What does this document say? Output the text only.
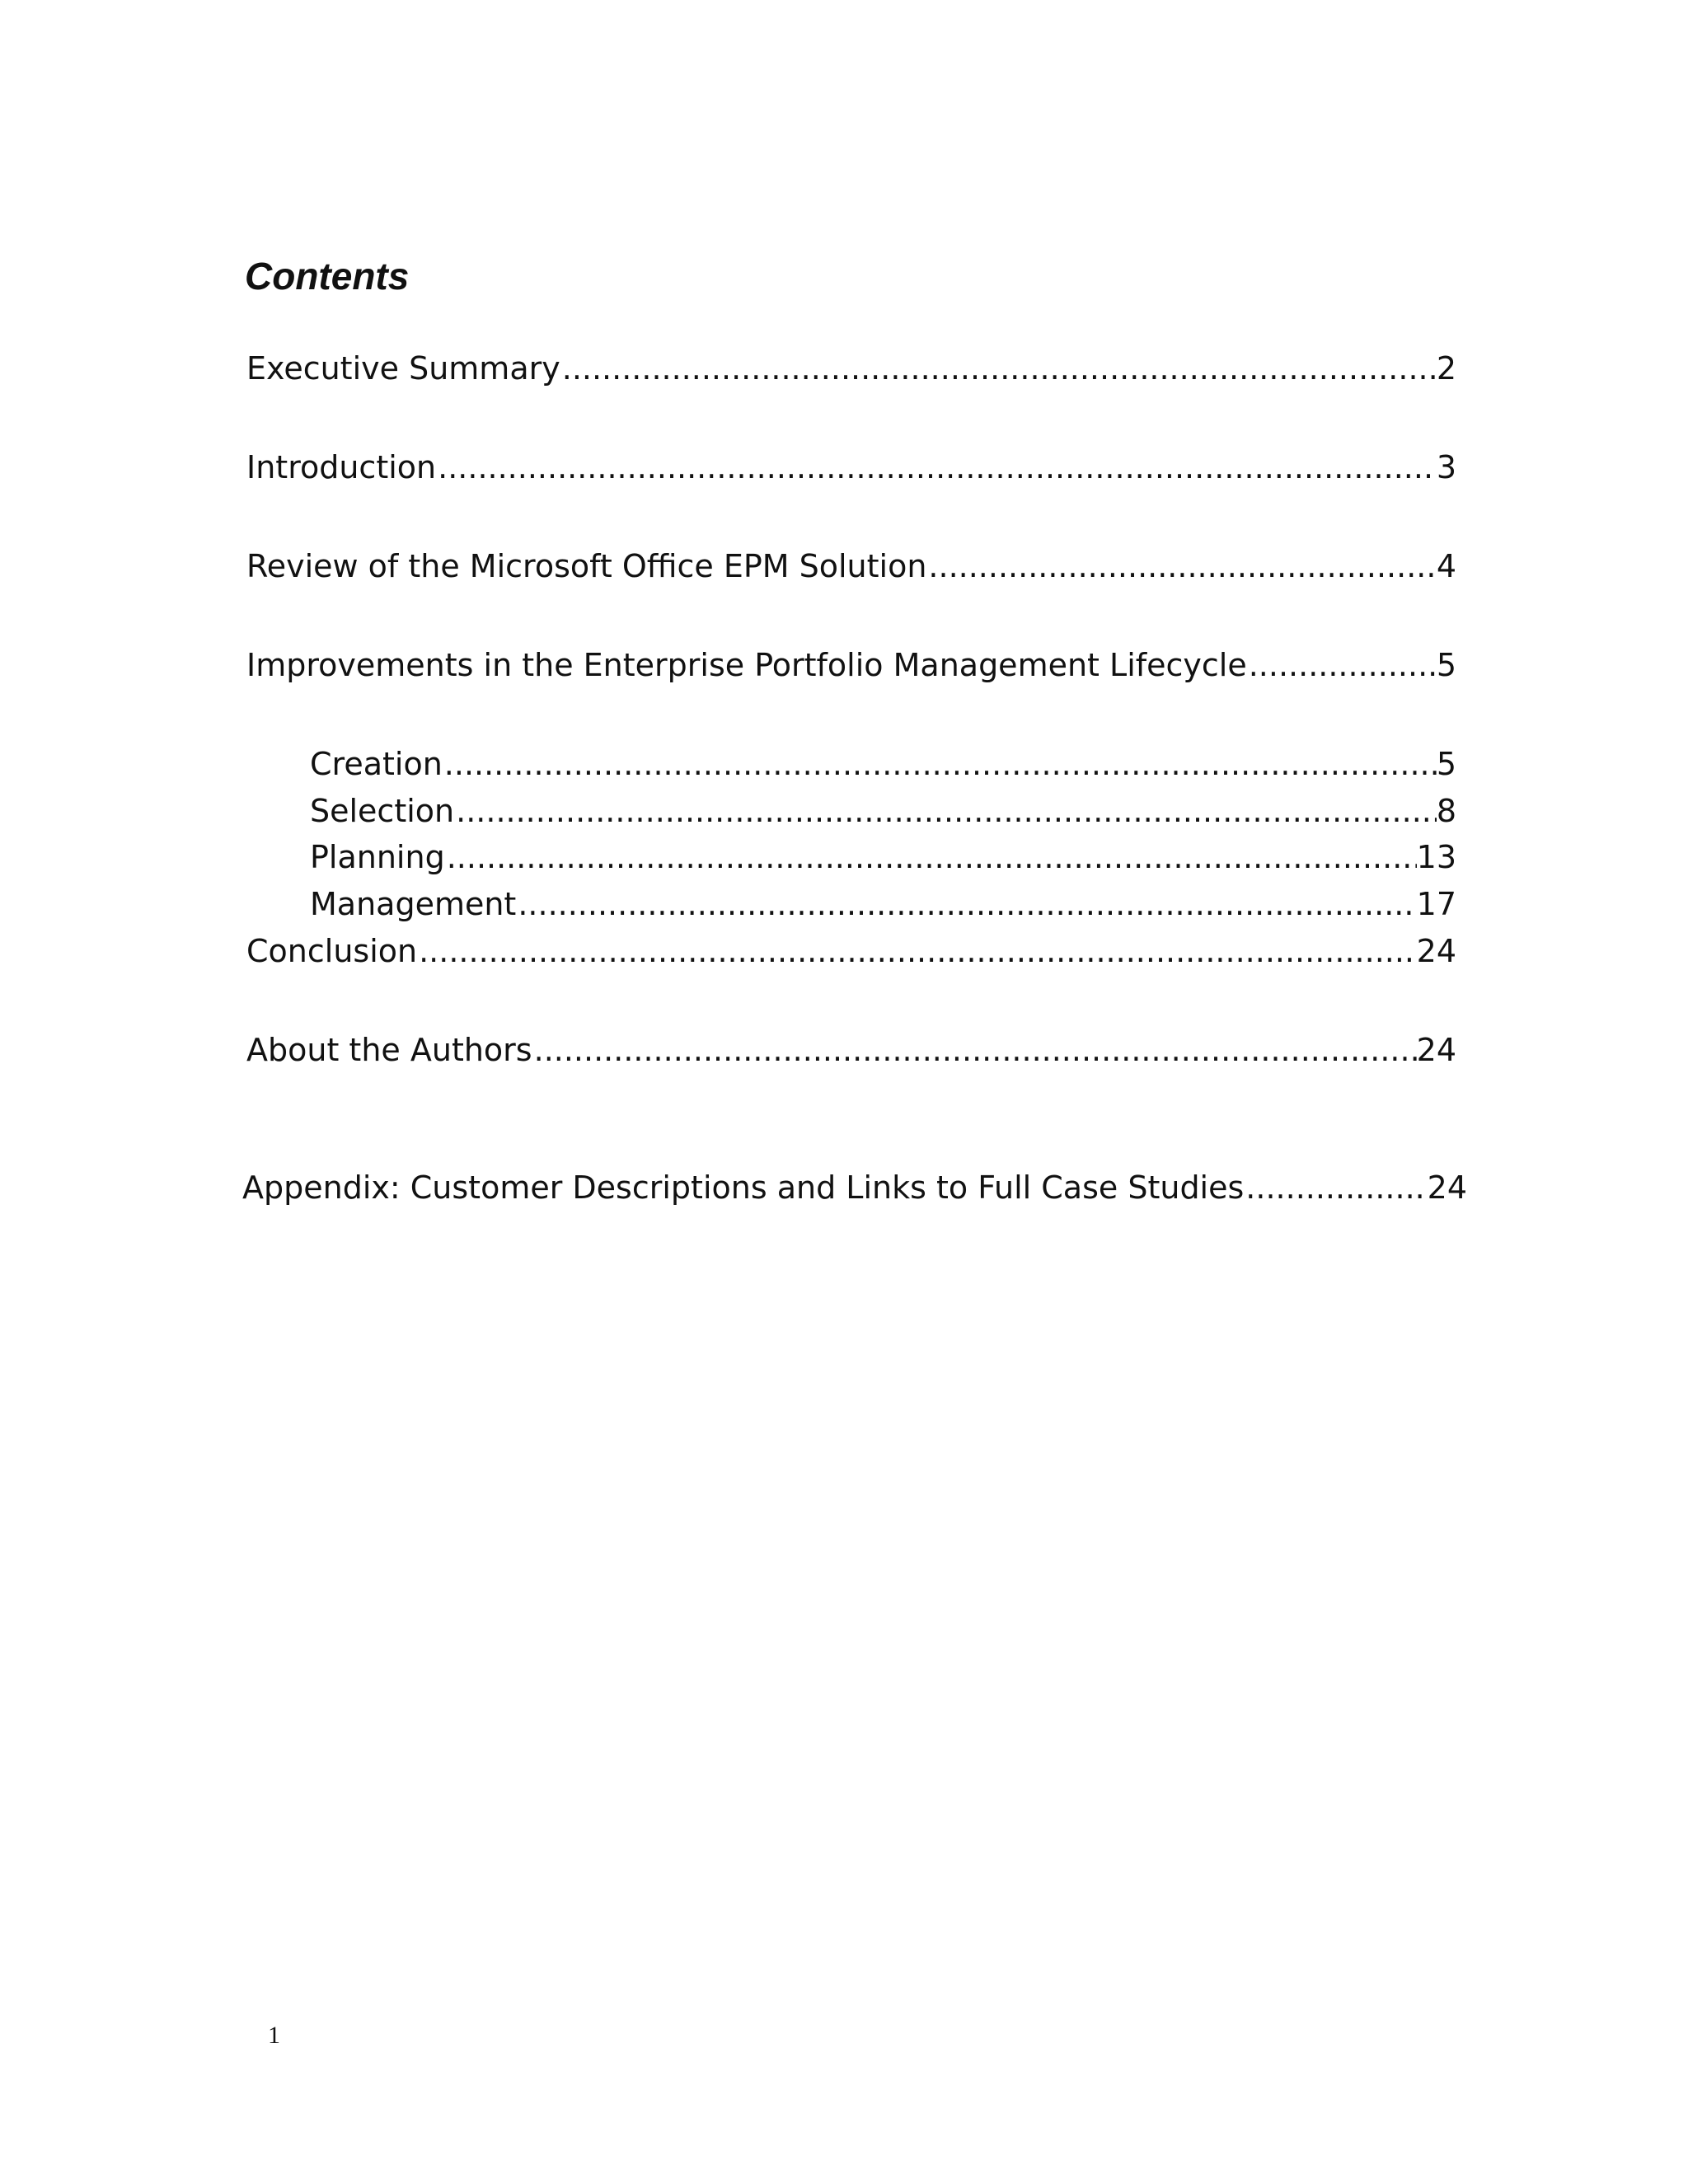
Contents
Executive Summary .....	2
Introduction .....	3
Review of the Microsoft Office EPM Solution .....	4
Improvements in the Enterprise Portfolio Management Lifecycle .....	5
Creation .....	5
Selection .....	8
Planning .....	13
Management .....	17
Conclusion .....	24
About the Authors .....	24
Appendix: Customer Descriptions and Links to Full Case Studies .....	24
1
